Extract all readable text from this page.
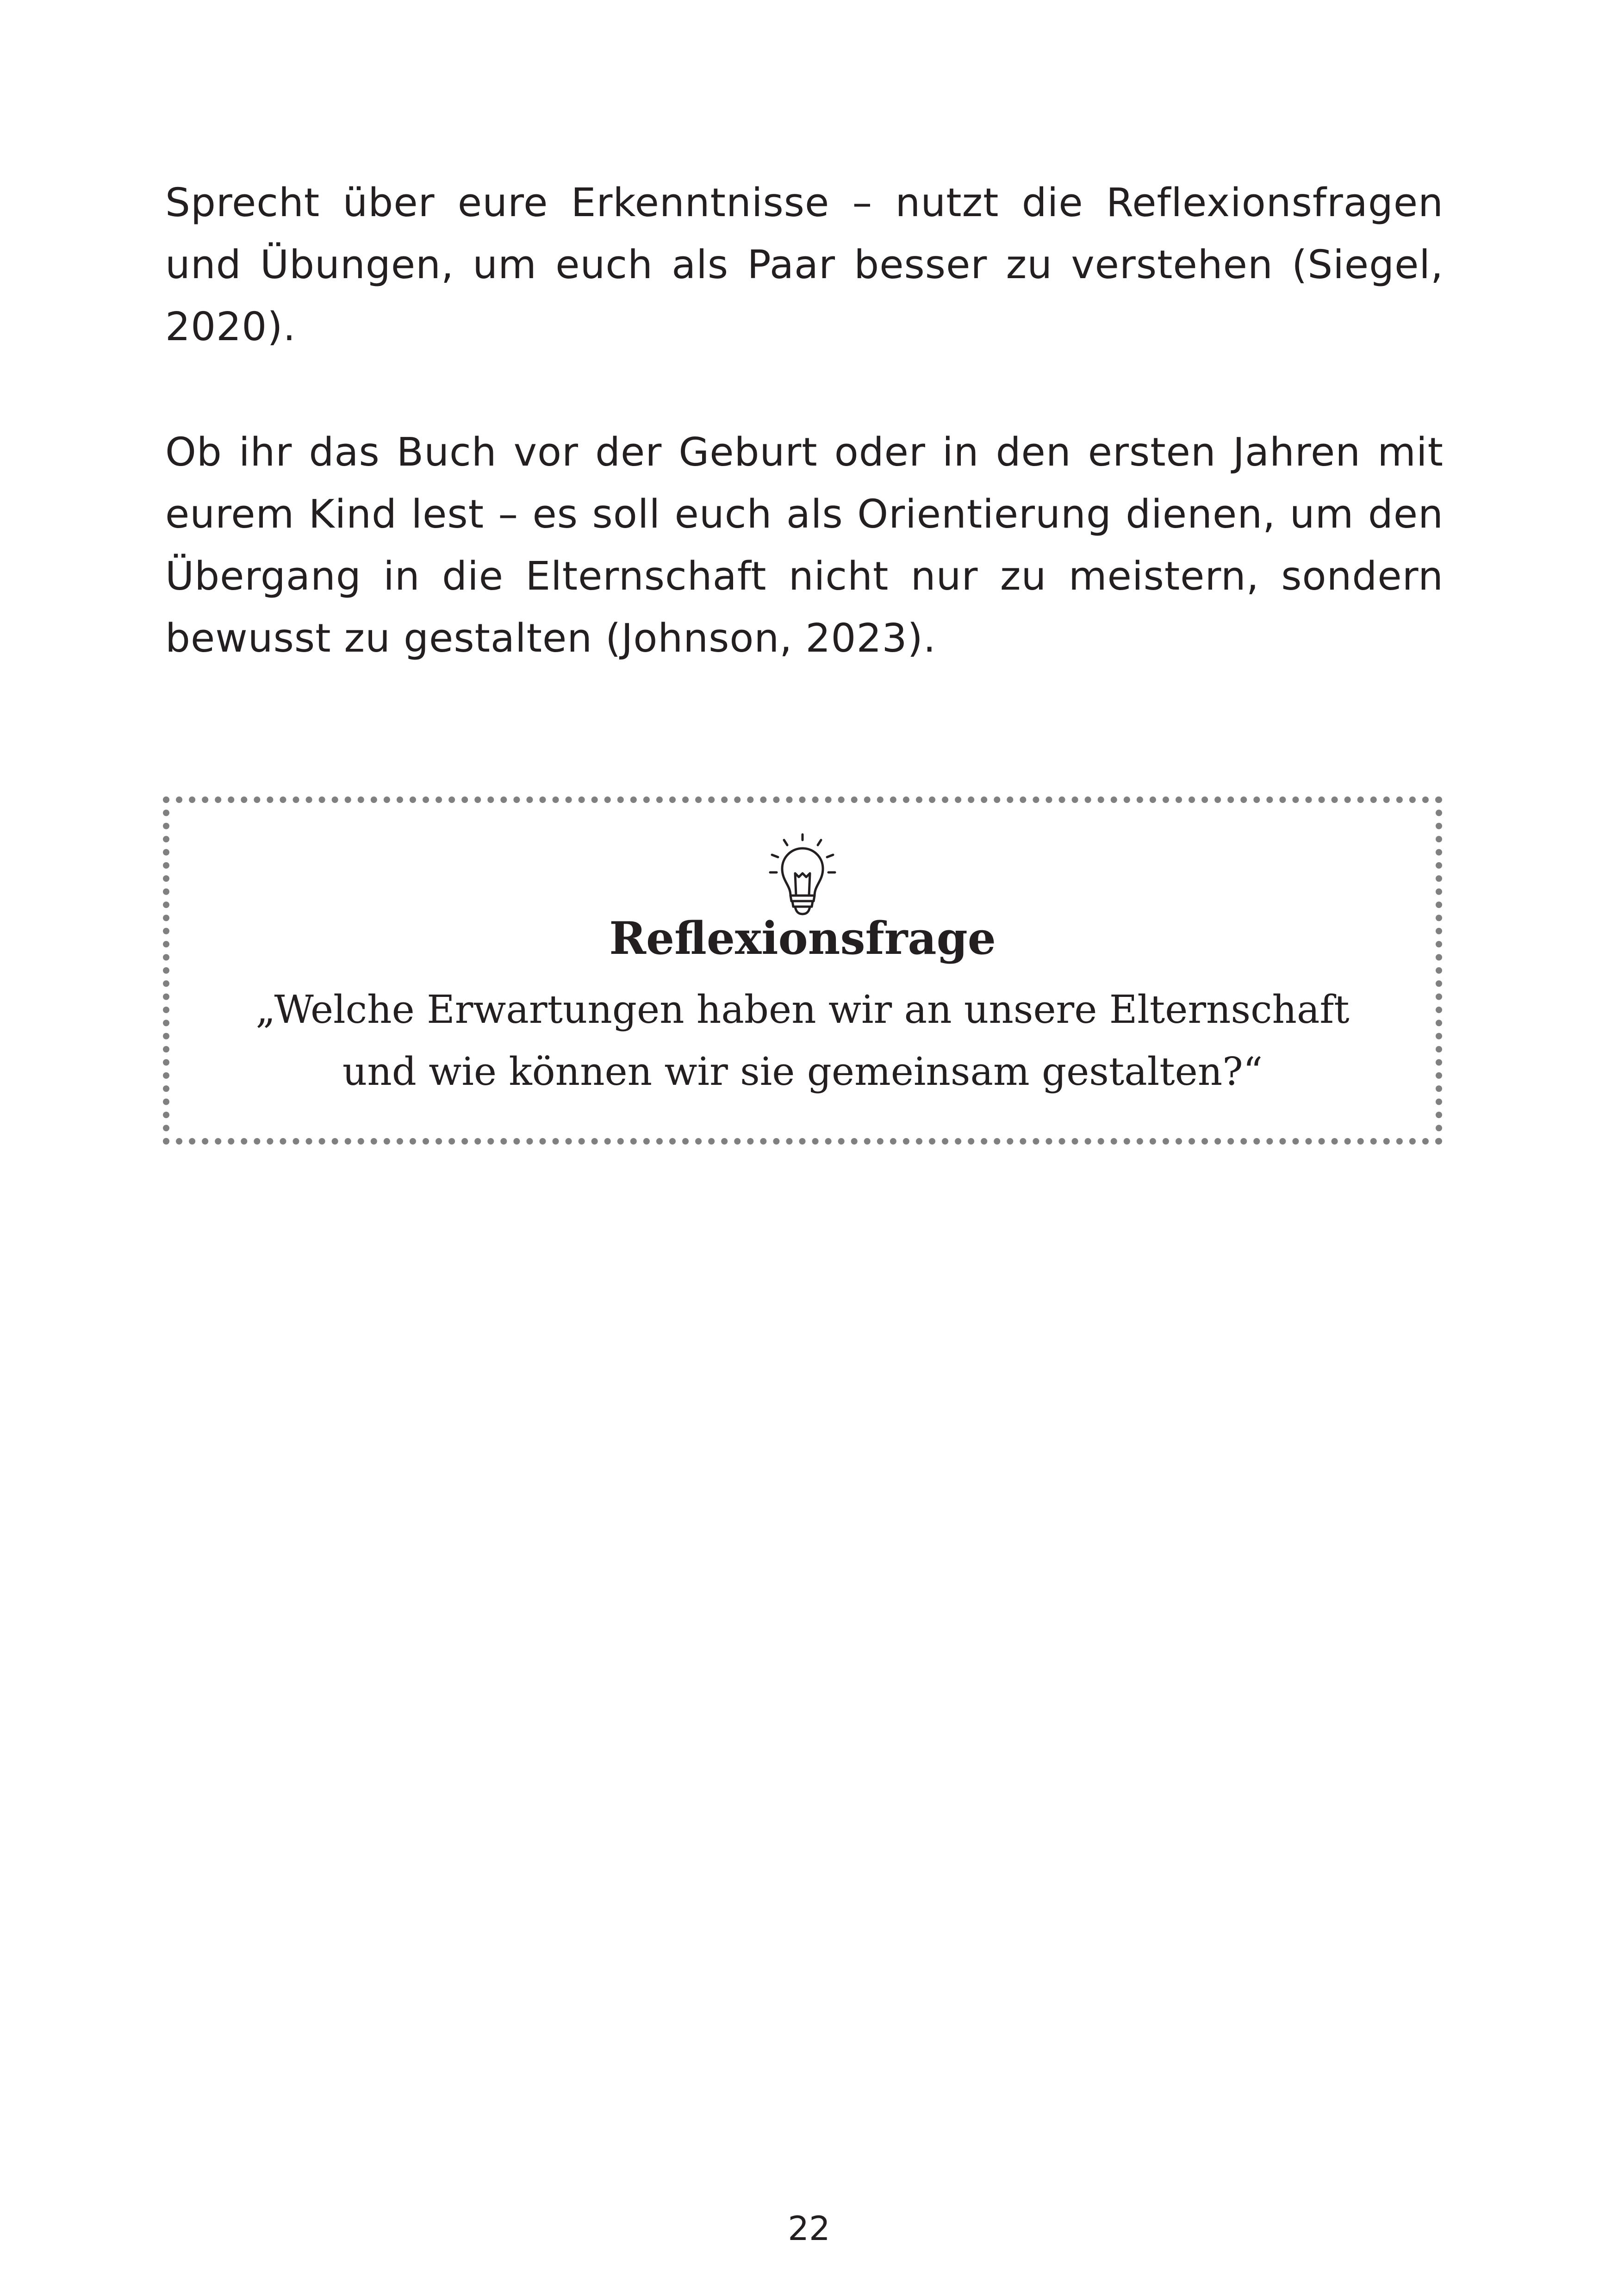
Sprecht über eure Erkenntnisse – nutzt die Reflexionsfragen und Übungen, um euch als Paar besser zu verstehen (Siegel, 2020).

Ob ihr das Buch vor der Geburt oder in den ersten Jahren mit eurem Kind lest – es soll euch als Orientierung dienen, um den Übergang in die Elternschaft nicht nur zu meistern, sondern bewusst zu gestalten (Johnson, 2023).

Reflexionsfrage

„Welche Erwartungen haben wir an unsere Elternschaft
und wie können wir sie gemeinsam gestalten?“

22
